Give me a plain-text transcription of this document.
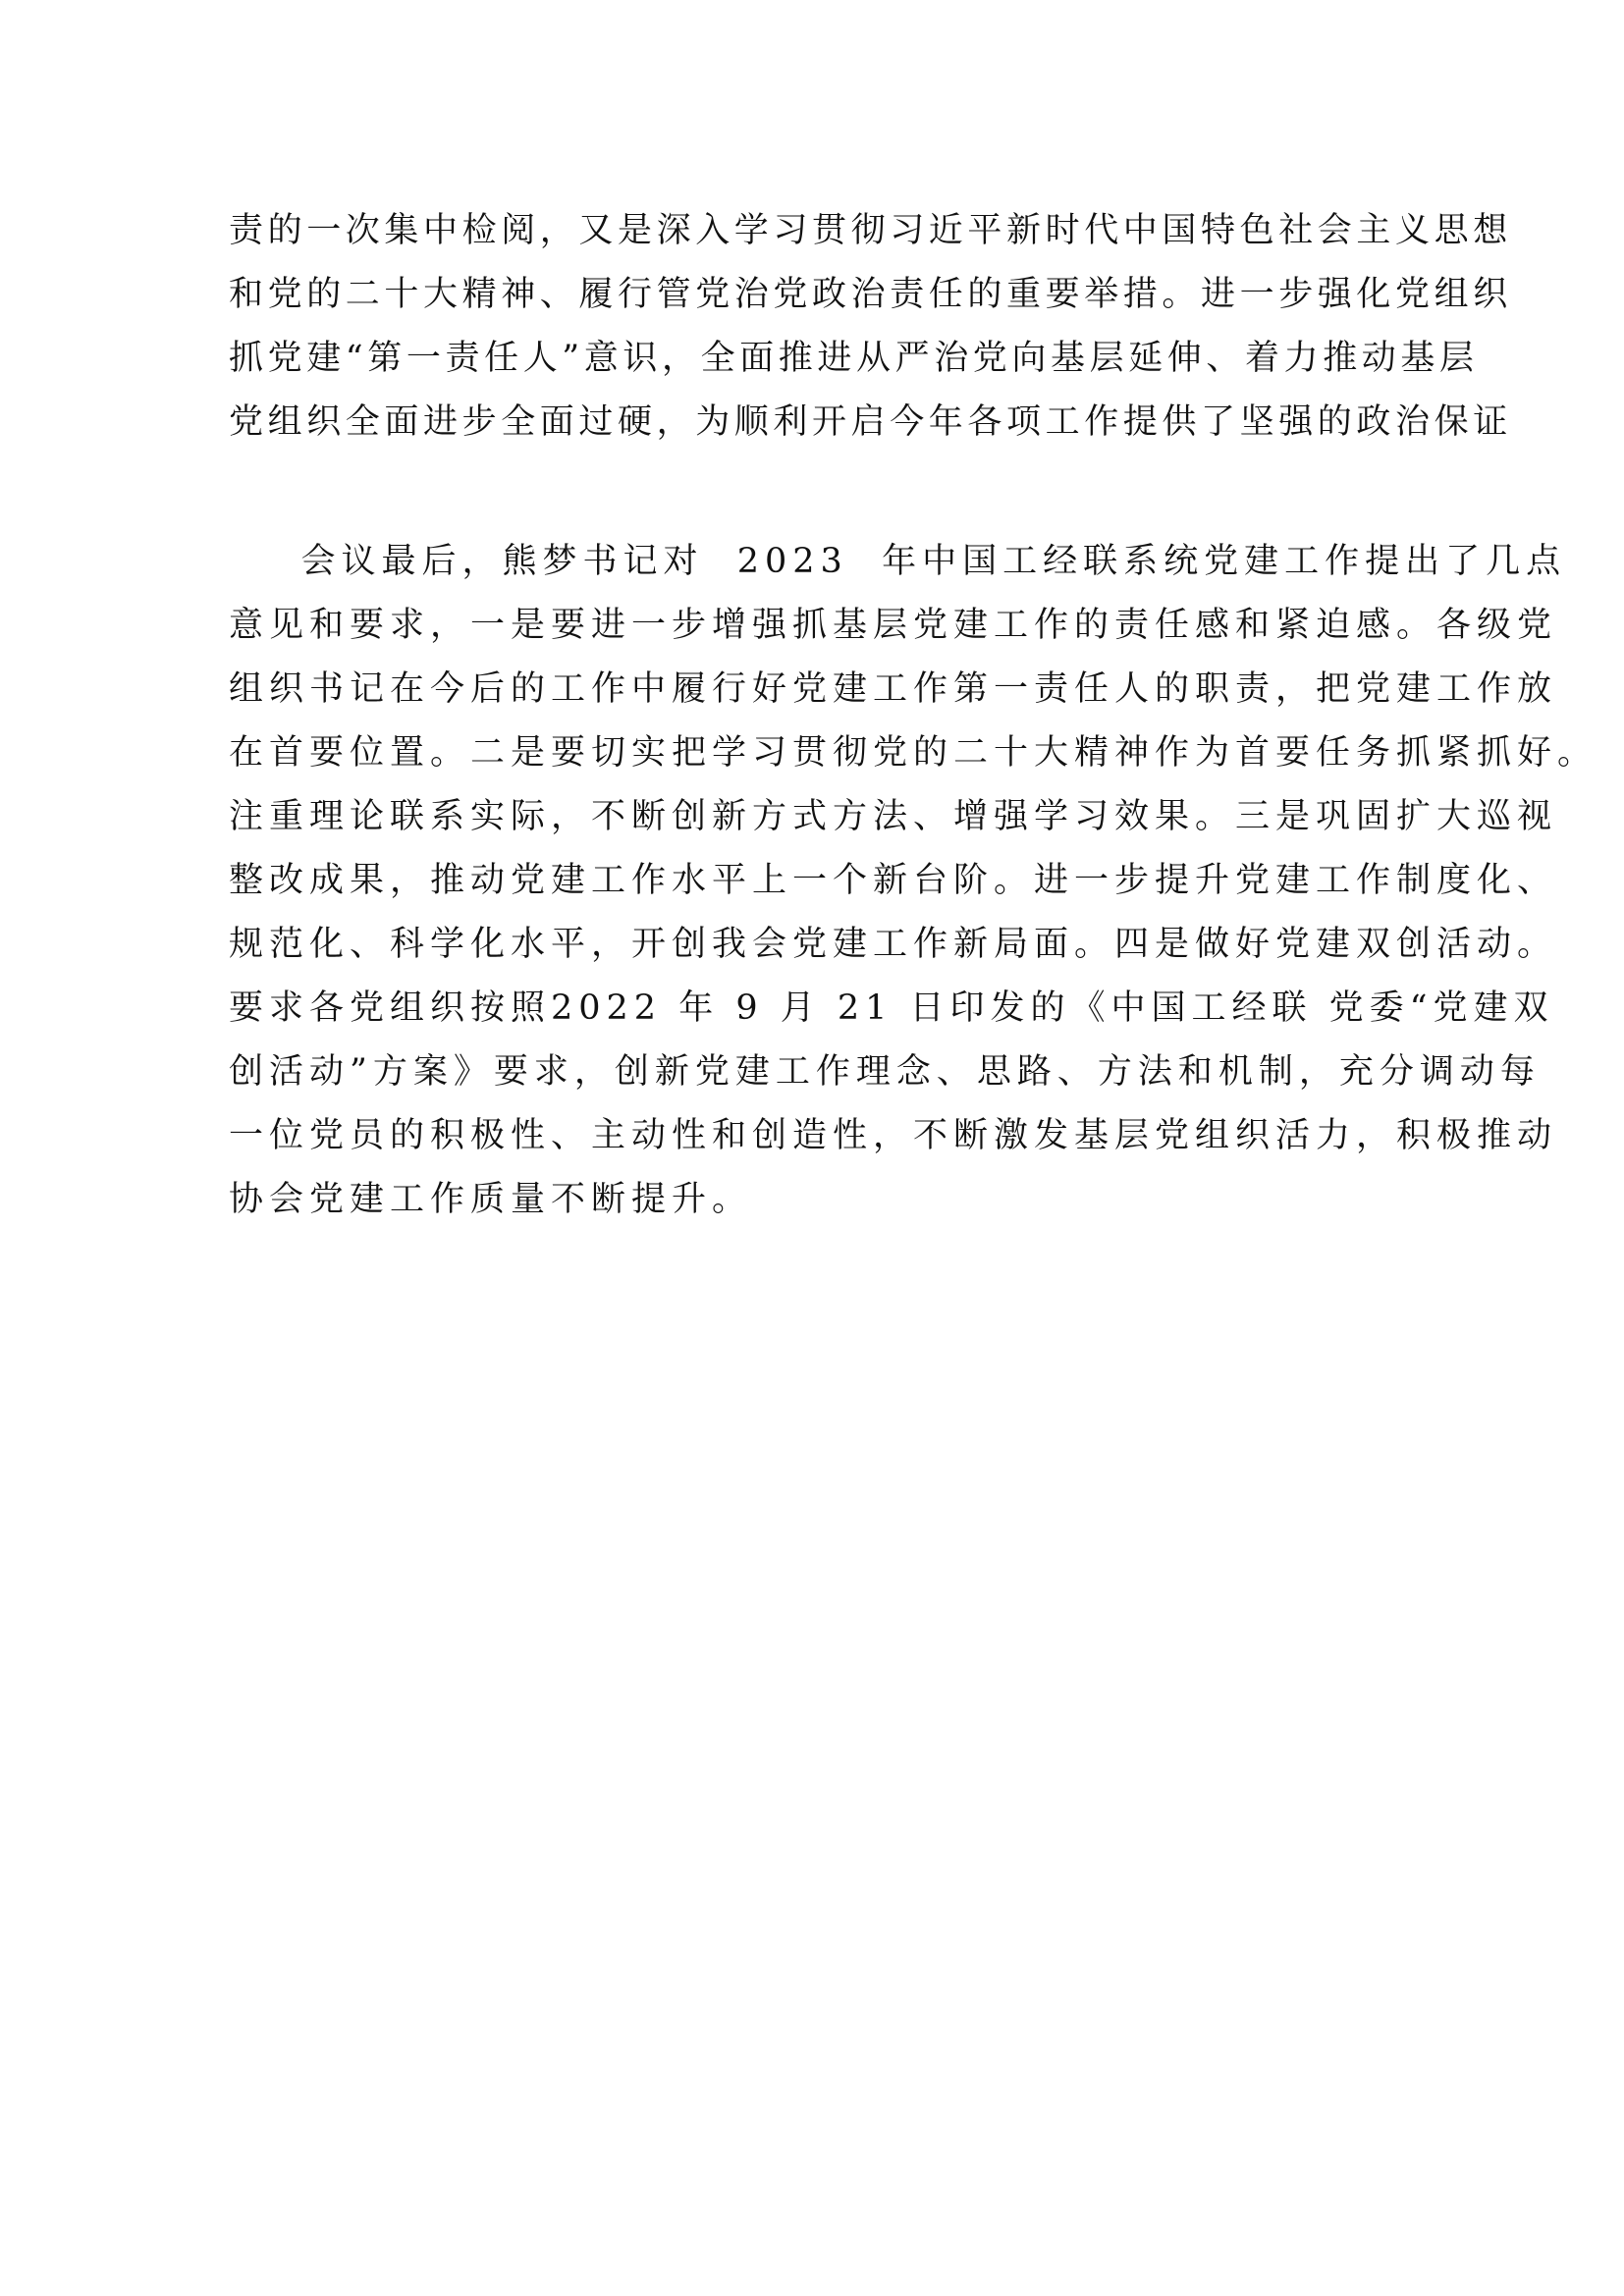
责的一次集中检阅，又是深入学习贯彻习近平新时代中国特色社会主义思想
和党的二十大精神、履行管党治党政治责任的重要举措。进一步强化党组织
抓党建“第一责任人”意识，全面推进从严治党向基层延伸、着力推动基层
党组织全面进步全面过硬，为顺利开启今年各项工作提供了坚强的政治保证
会议最后，熊梦书记对  2023  年中国工经联系统党建工作提出了几点
意见和要求，一是要进一步增强抓基层党建工作的责任感和紧迫感。各级党
组织书记在今后的工作中履行好党建工作第一责任人的职责，把党建工作放
在首要位置。二是要切实把学习贯彻党的二十大精神作为首要任务抓紧抓好。
注重理论联系实际，不断创新方式方法、增强学习效果。三是巩固扩大巡视
整改成果，推动党建工作水平上一个新台阶。进一步提升党建工作制度化、
规范化、科学化水平，开创我会党建工作新局面。四是做好党建双创活动。
要求各党组织按照2022 年 9 月 21 日印发的《中国工经联 党委“党建双
创活动”方案》要求，创新党建工作理念、思路、方法和机制，充分调动每
一位党员的积极性、主动性和创造性，不断激发基层党组织活力，积极推动
协会党建工作质量不断提升。
